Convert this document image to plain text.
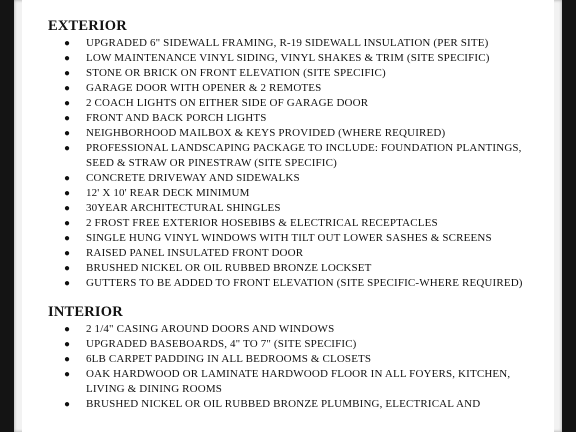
EXTERIOR
● UPGRADED 6" SIDEWALL FRAMING, R-19 SIDEWALL INSULATION (PER SITE)
● LOW MAINTENANCE VINYL SIDING, VINYL SHAKES & TRIM (SITE SPECIFIC)
● STONE OR BRICK ON FRONT ELEVATION (SITE SPECIFIC)
● GARAGE DOOR WITH OPENER & 2 REMOTES
● 2 COACH LIGHTS ON EITHER SIDE OF GARAGE DOOR
● FRONT AND BACK PORCH LIGHTS
● NEIGHBORHOOD MAILBOX & KEYS PROVIDED (WHERE REQUIRED)
● PROFESSIONAL LANDSCAPING PACKAGE TO INCLUDE: FOUNDATION PLANTINGS, SEED & STRAW OR PINESTRAW (SITE SPECIFIC)
● CONCRETE DRIVEWAY AND SIDEWALKS
● 12' X 10' REAR DECK MINIMUM
● 30YEAR ARCHITECTURAL SHINGLES
● 2 FROST FREE EXTERIOR HOSEBIBS & ELECTRICAL RECEPTACLES
● SINGLE HUNG VINYL WINDOWS WITH TILT OUT LOWER SASHES & SCREENS
● RAISED PANEL INSULATED FRONT DOOR
● BRUSHED NICKEL OR OIL RUBBED BRONZE LOCKSET
● GUTTERS TO BE ADDED TO FRONT ELEVATION (SITE SPECIFIC-WHERE REQUIRED)
INTERIOR
● 2 1/4" CASING AROUND DOORS AND WINDOWS
● UPGRADED BASEBOARDS, 4" TO 7" (SITE SPECIFIC)
● 6LB CARPET PADDING IN ALL BEDROOMS & CLOSETS
● OAK HARDWOOD OR LAMINATE HARDWOOD FLOOR IN ALL FOYERS, KITCHEN, LIVING & DINING ROOMS
● BRUSHED NICKEL OR OIL RUBBED BRONZE PLUMBING, ELECTRICAL AND
